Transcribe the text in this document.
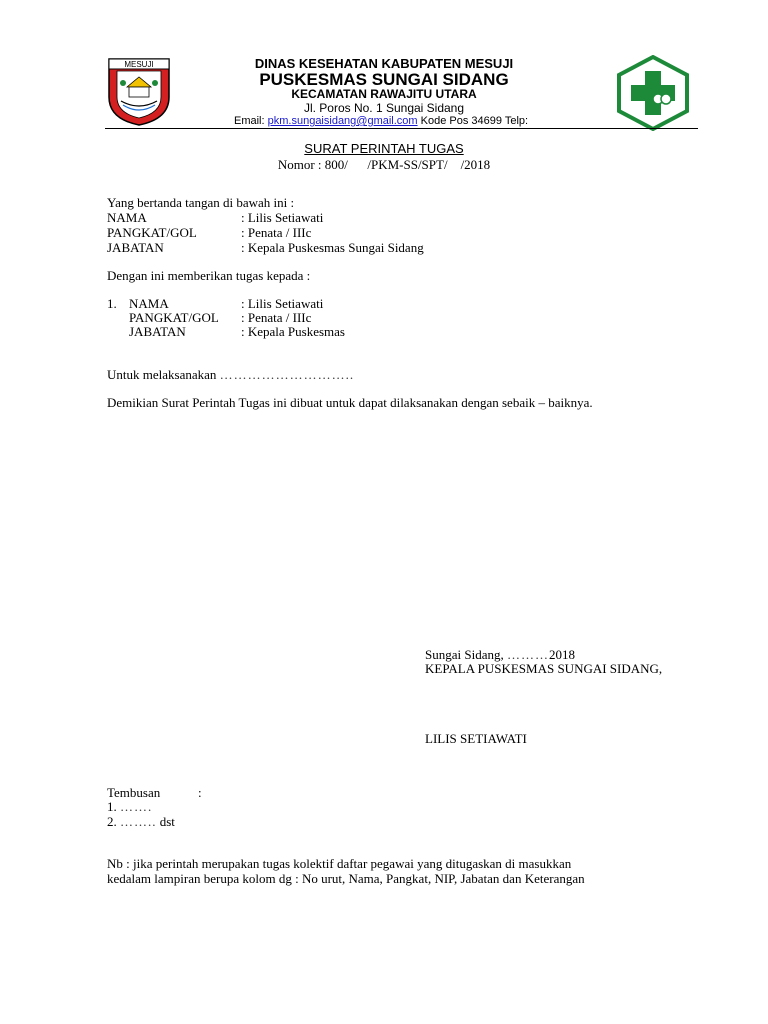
MESUJI	DINAS KESEHATAN KABUPATEN MESUJI
PUSKESMAS SUNGAI SIDANG
KECAMATAN RAWAJITU UTARA
Jl. Poros No. 1 Sungai Sidang
Email: pkm.sungaisidang@gmail.com Kode Pos 34699 Telp:
SURAT PERINTAH TUGAS
Nomor : 800/      /PKM-SS/SPT/    /2018
Yang bertanda tangan di bawah ini :
NAMA	: Lilis Setiawati
PANGKAT/GOL	: Penata / IIIc
JABATAN	: Kepala Puskesmas Sungai Sidang
Dengan ini memberikan tugas kepada :
1. NAMA	: Lilis Setiawati
PANGKAT/GOL : Penata / IIIc
JABATAN	: Kepala Puskesmas
Untuk melaksanakan ………………………..
Demikian Surat Perintah Tugas ini dibuat untuk dapat dilaksanakan dengan sebaik – baiknya.
Sungai Sidang, ………2018
KEPALA PUSKESMAS SUNGAI SIDANG,
LILIS SETIAWATI
Tembusan	:
1. …….
2. …….. dst
Nb : jika perintah merupakan tugas kolektif daftar pegawai yang ditugaskan di masukkan
kedalam lampiran berupa kolom dg : No urut, Nama, Pangkat, NIP, Jabatan dan Keterangan
